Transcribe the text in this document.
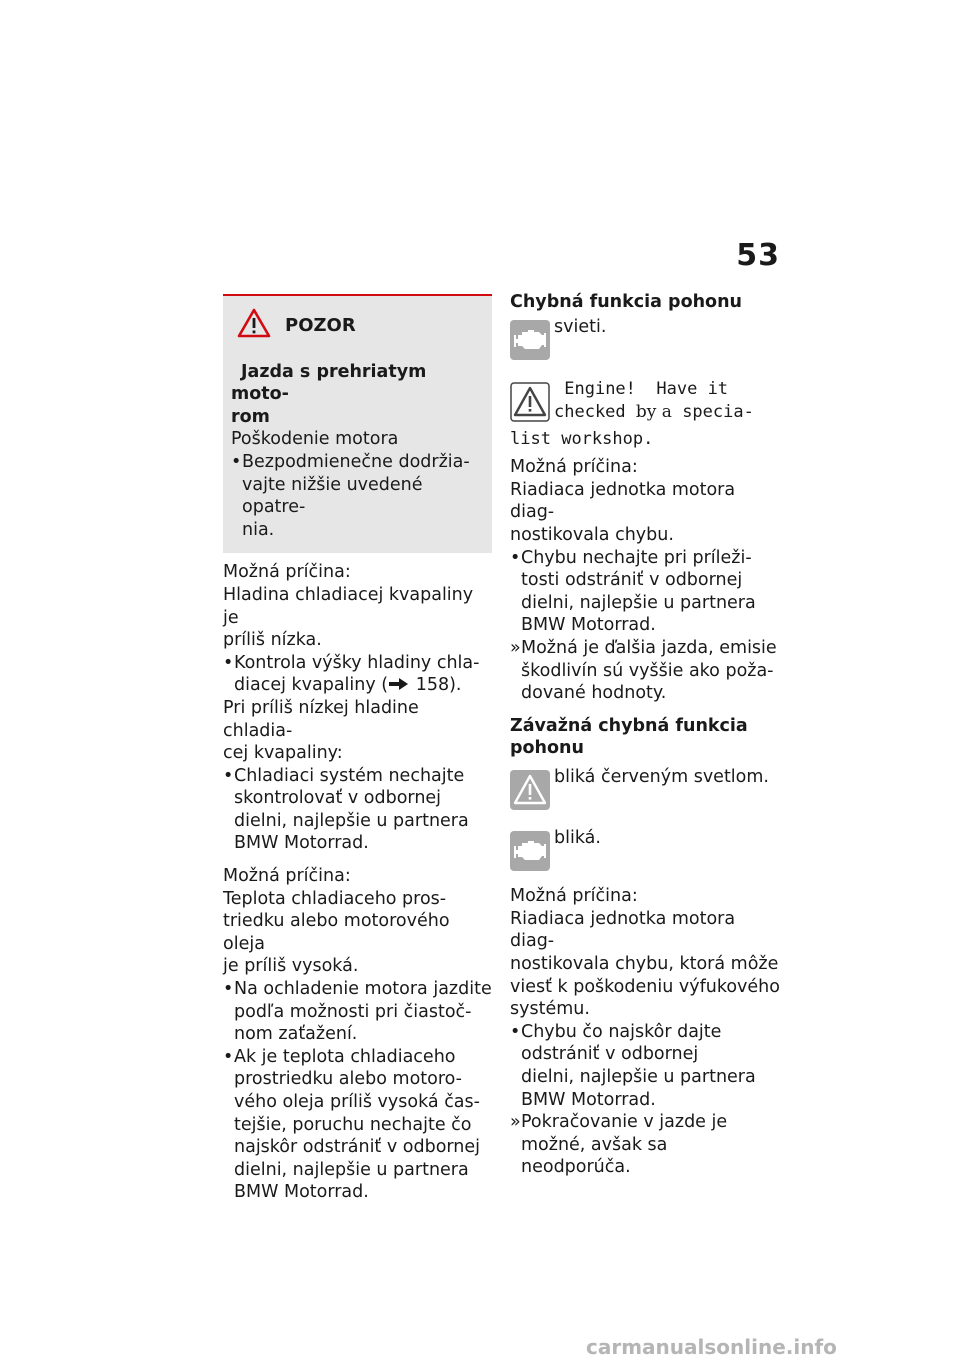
53
POZOR

Jazda s prehriatym moto-

rom

Poškodenie motora

• Bezpodmienečne dodržia-
vajte nižšie uvedené opatre-
nia.

Možná príčina:

Hladina chladiacej kvapaliny je
príliš nízka.

• Kontrola výšky hladiny chla-
diacej kvapaliny ( 158).

Pri príliš nízkej hladine chladia-
cej kvapaliny:

• Chladiaci systém nechajte
skontrolovať v odbornej
dielni, najlepšie u partnera
BMW Motorrad.

Možná príčina:

Teplota chladiaceho pros-
triedku alebo motorového oleja
je príliš vysoká.

• Na ochladenie motora jazdite
podľa možnosti pri čiastoč-
nom zaťažení.
• Ak je teplota chladiaceho
prostriedku alebo motoro-
vého oleja príliš vysoká čas-
tejšie, poruchu nechajte čo
najskôr odstrániť v odbornej
dielni, najlepšie u partnera
BMW Motorrad.

Chybná funkcia pohonu

svieti.
Engine! Have it
checked by a specia-

list workshop.

Možná príčina:

Riadiaca jednotka motora diag-
nostikovala chybu.

• Chybu nechajte pri príleži-
tosti odstrániť v odbornej
dielni, najlepšie u partnera
BMW Motorrad.
» Možná je ďalšia jazda, emisie
škodlivín sú vyššie ako poža-
dované hodnoty.

Závažná chybná funkcia
pohonu

bliká červeným svetlom.
bliká.

Možná príčina:

Riadiaca jednotka motora diag-
nostikovala chybu, ktorá môže
viesť k poškodeniu výfukového
systému.

• Chybu čo najskôr dajte
odstrániť v odbornej
dielni, najlepšie u partnera
BMW Motorrad.
» Pokračovanie v jazde je
možné, avšak sa neodporúča.
carmanualsonline.info
